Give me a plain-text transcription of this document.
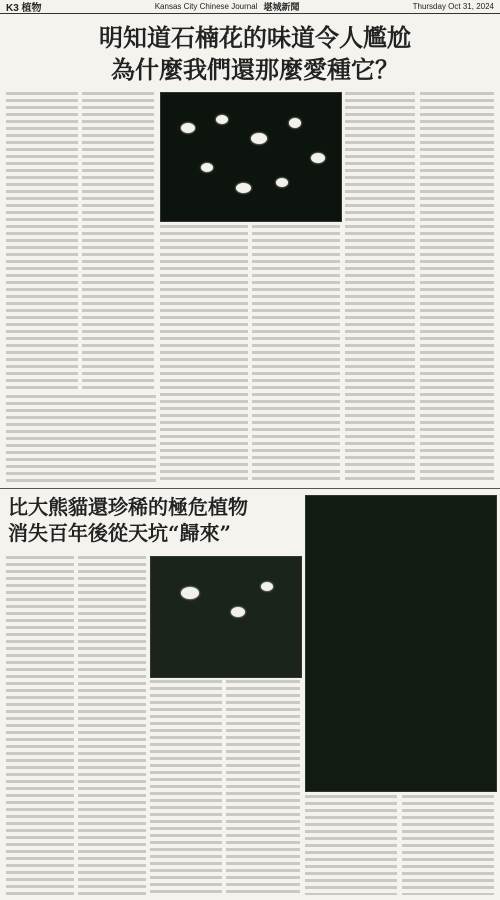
K3 植物	Kansas City Chinese Journal 堪城新聞	Thursday Oct 31, 2024
明知道石楠花的味道令人尷尬
為什麼我們還那麼愛種它？
比大熊貓還珍稀的極危植物
消失百年後從天坑“歸來”
